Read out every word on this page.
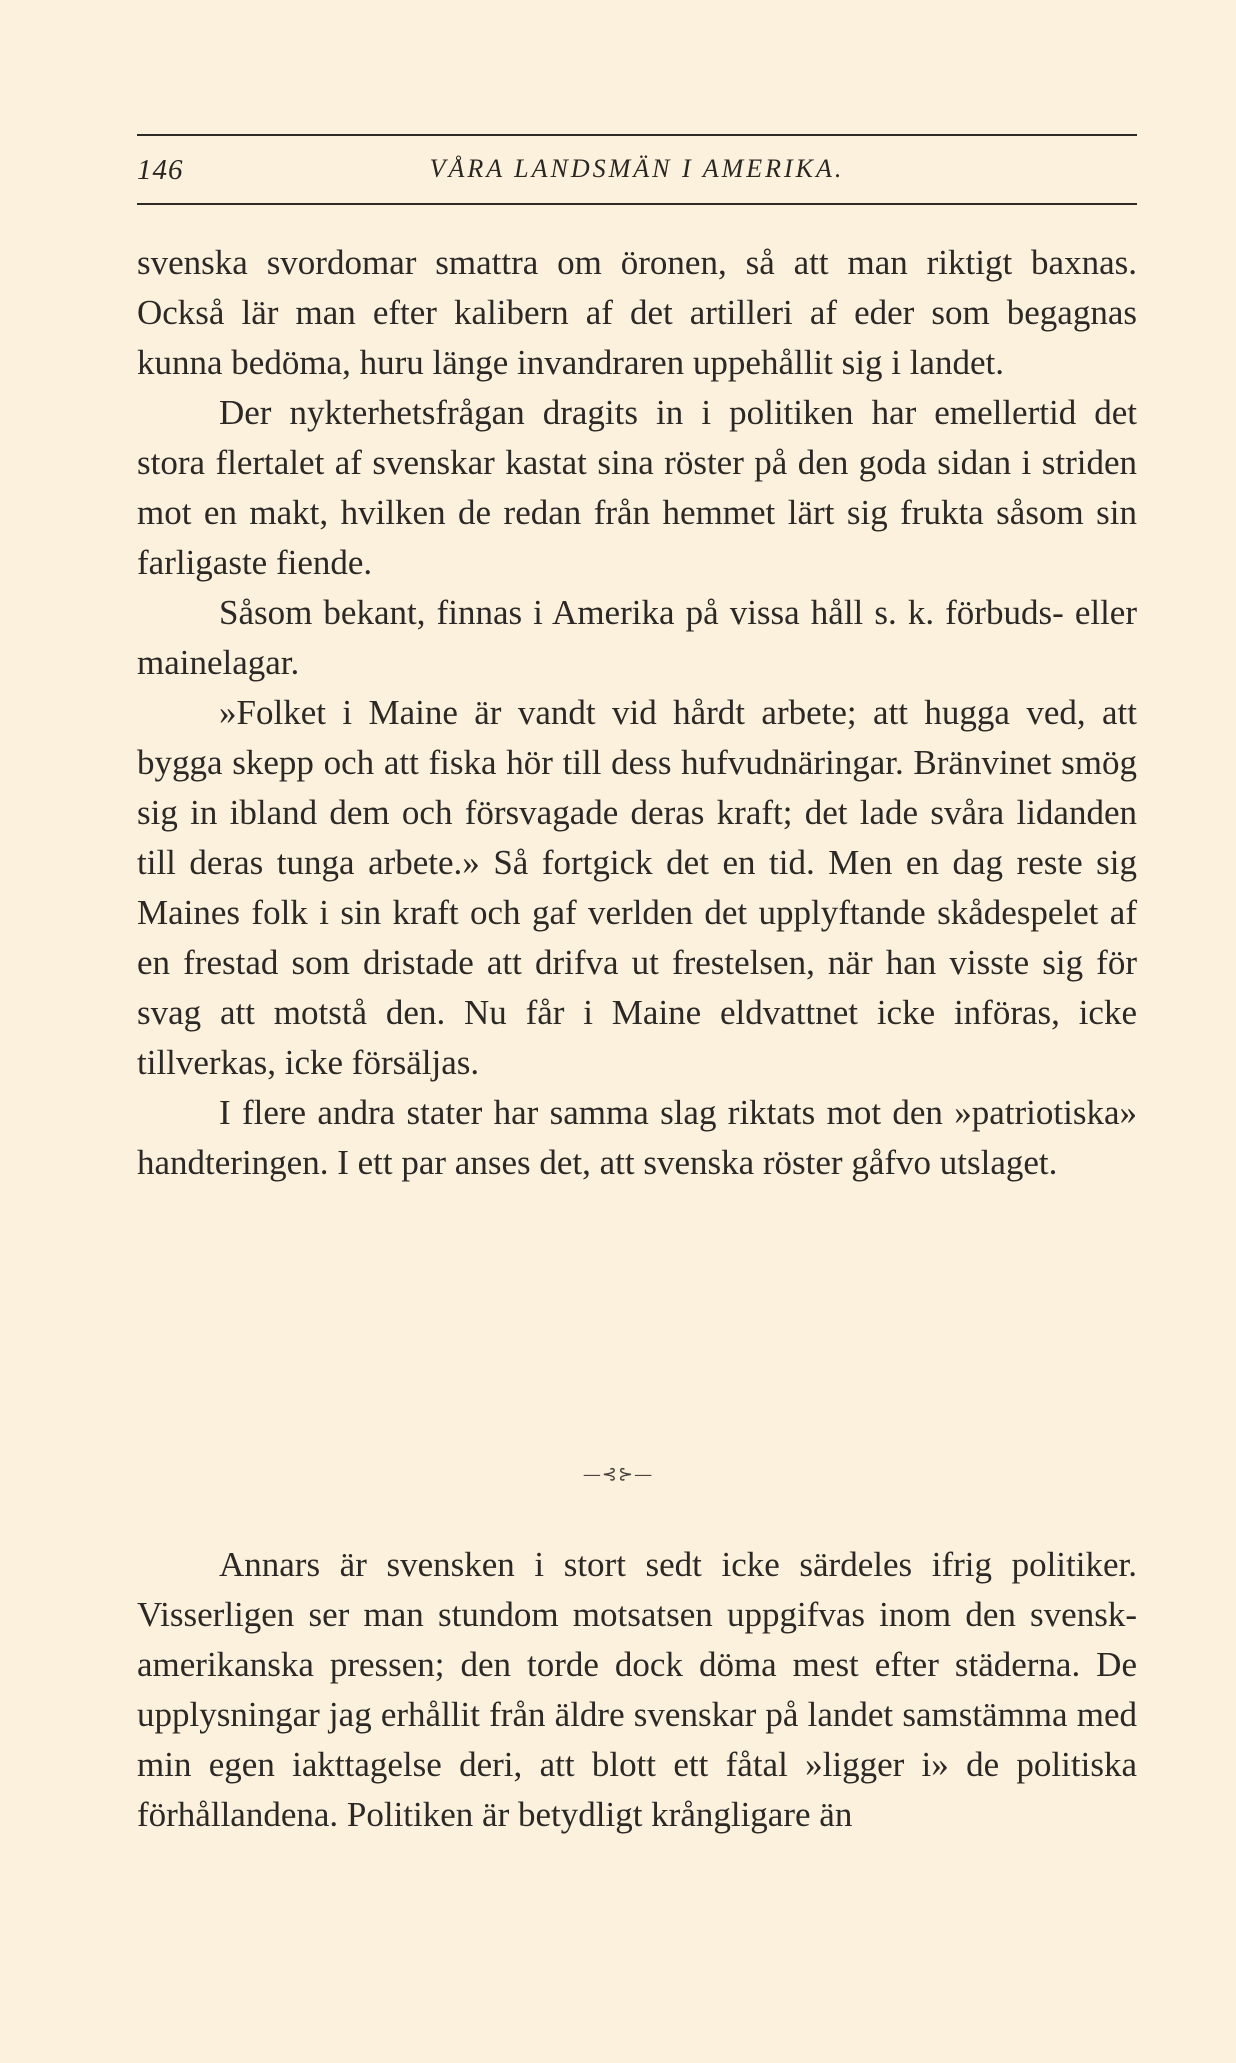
146	VÅRA LANDSMÄN I AMERIKA.

svenska svordomar smattra om öronen, så att man riktigt baxnas. Också lär man efter kalibern af det artilleri af eder som begagnas kunna bedöma, huru länge invandraren uppehållit sig i landet.

Der nykterhetsfrågan dragits in i politiken har emellertid det stora flertalet af svenskar kastat sina röster på den goda sidan i striden mot en makt, hvilken de redan från hemmet lärt sig frukta såsom sin farligaste fiende.

Såsom bekant, finnas i Amerika på vissa håll s. k. förbuds- eller mainelagar.

»Folket i Maine är vandt vid hårdt arbete; att hugga ved, att bygga skepp och att fiska hör till dess hufvudnäringar. Bränvinet smög sig in ibland dem och försvagade deras kraft; det lade svåra lidanden till deras tunga arbete.» Så fortgick det en tid. Men en dag reste sig Maines folk i sin kraft och gaf verlden det upplyftande skådespelet af en frestad som dristade att drifva ut frestelsen, när han visste sig för svag att motstå den. Nu får i Maine eldvattnet icke införas, icke tillverkas, icke försäljas.

I flere andra stater har samma slag riktats mot den »patriotiska» handteringen. I ett par anses det, att svenska röster gåfvo utslaget.

—⊰⊱—

Annars är svensken i stort sedt icke särdeles ifrig politiker. Visserligen ser man stundom motsatsen uppgifvas inom den svensk-amerikanska pressen; den torde dock döma mest efter städerna. De upplysningar jag erhållit från äldre svenskar på landet samstämma med min egen iakttagelse deri, att blott ett fåtal »ligger i» de politiska förhållandena. Politiken är betydligt krångligare än
